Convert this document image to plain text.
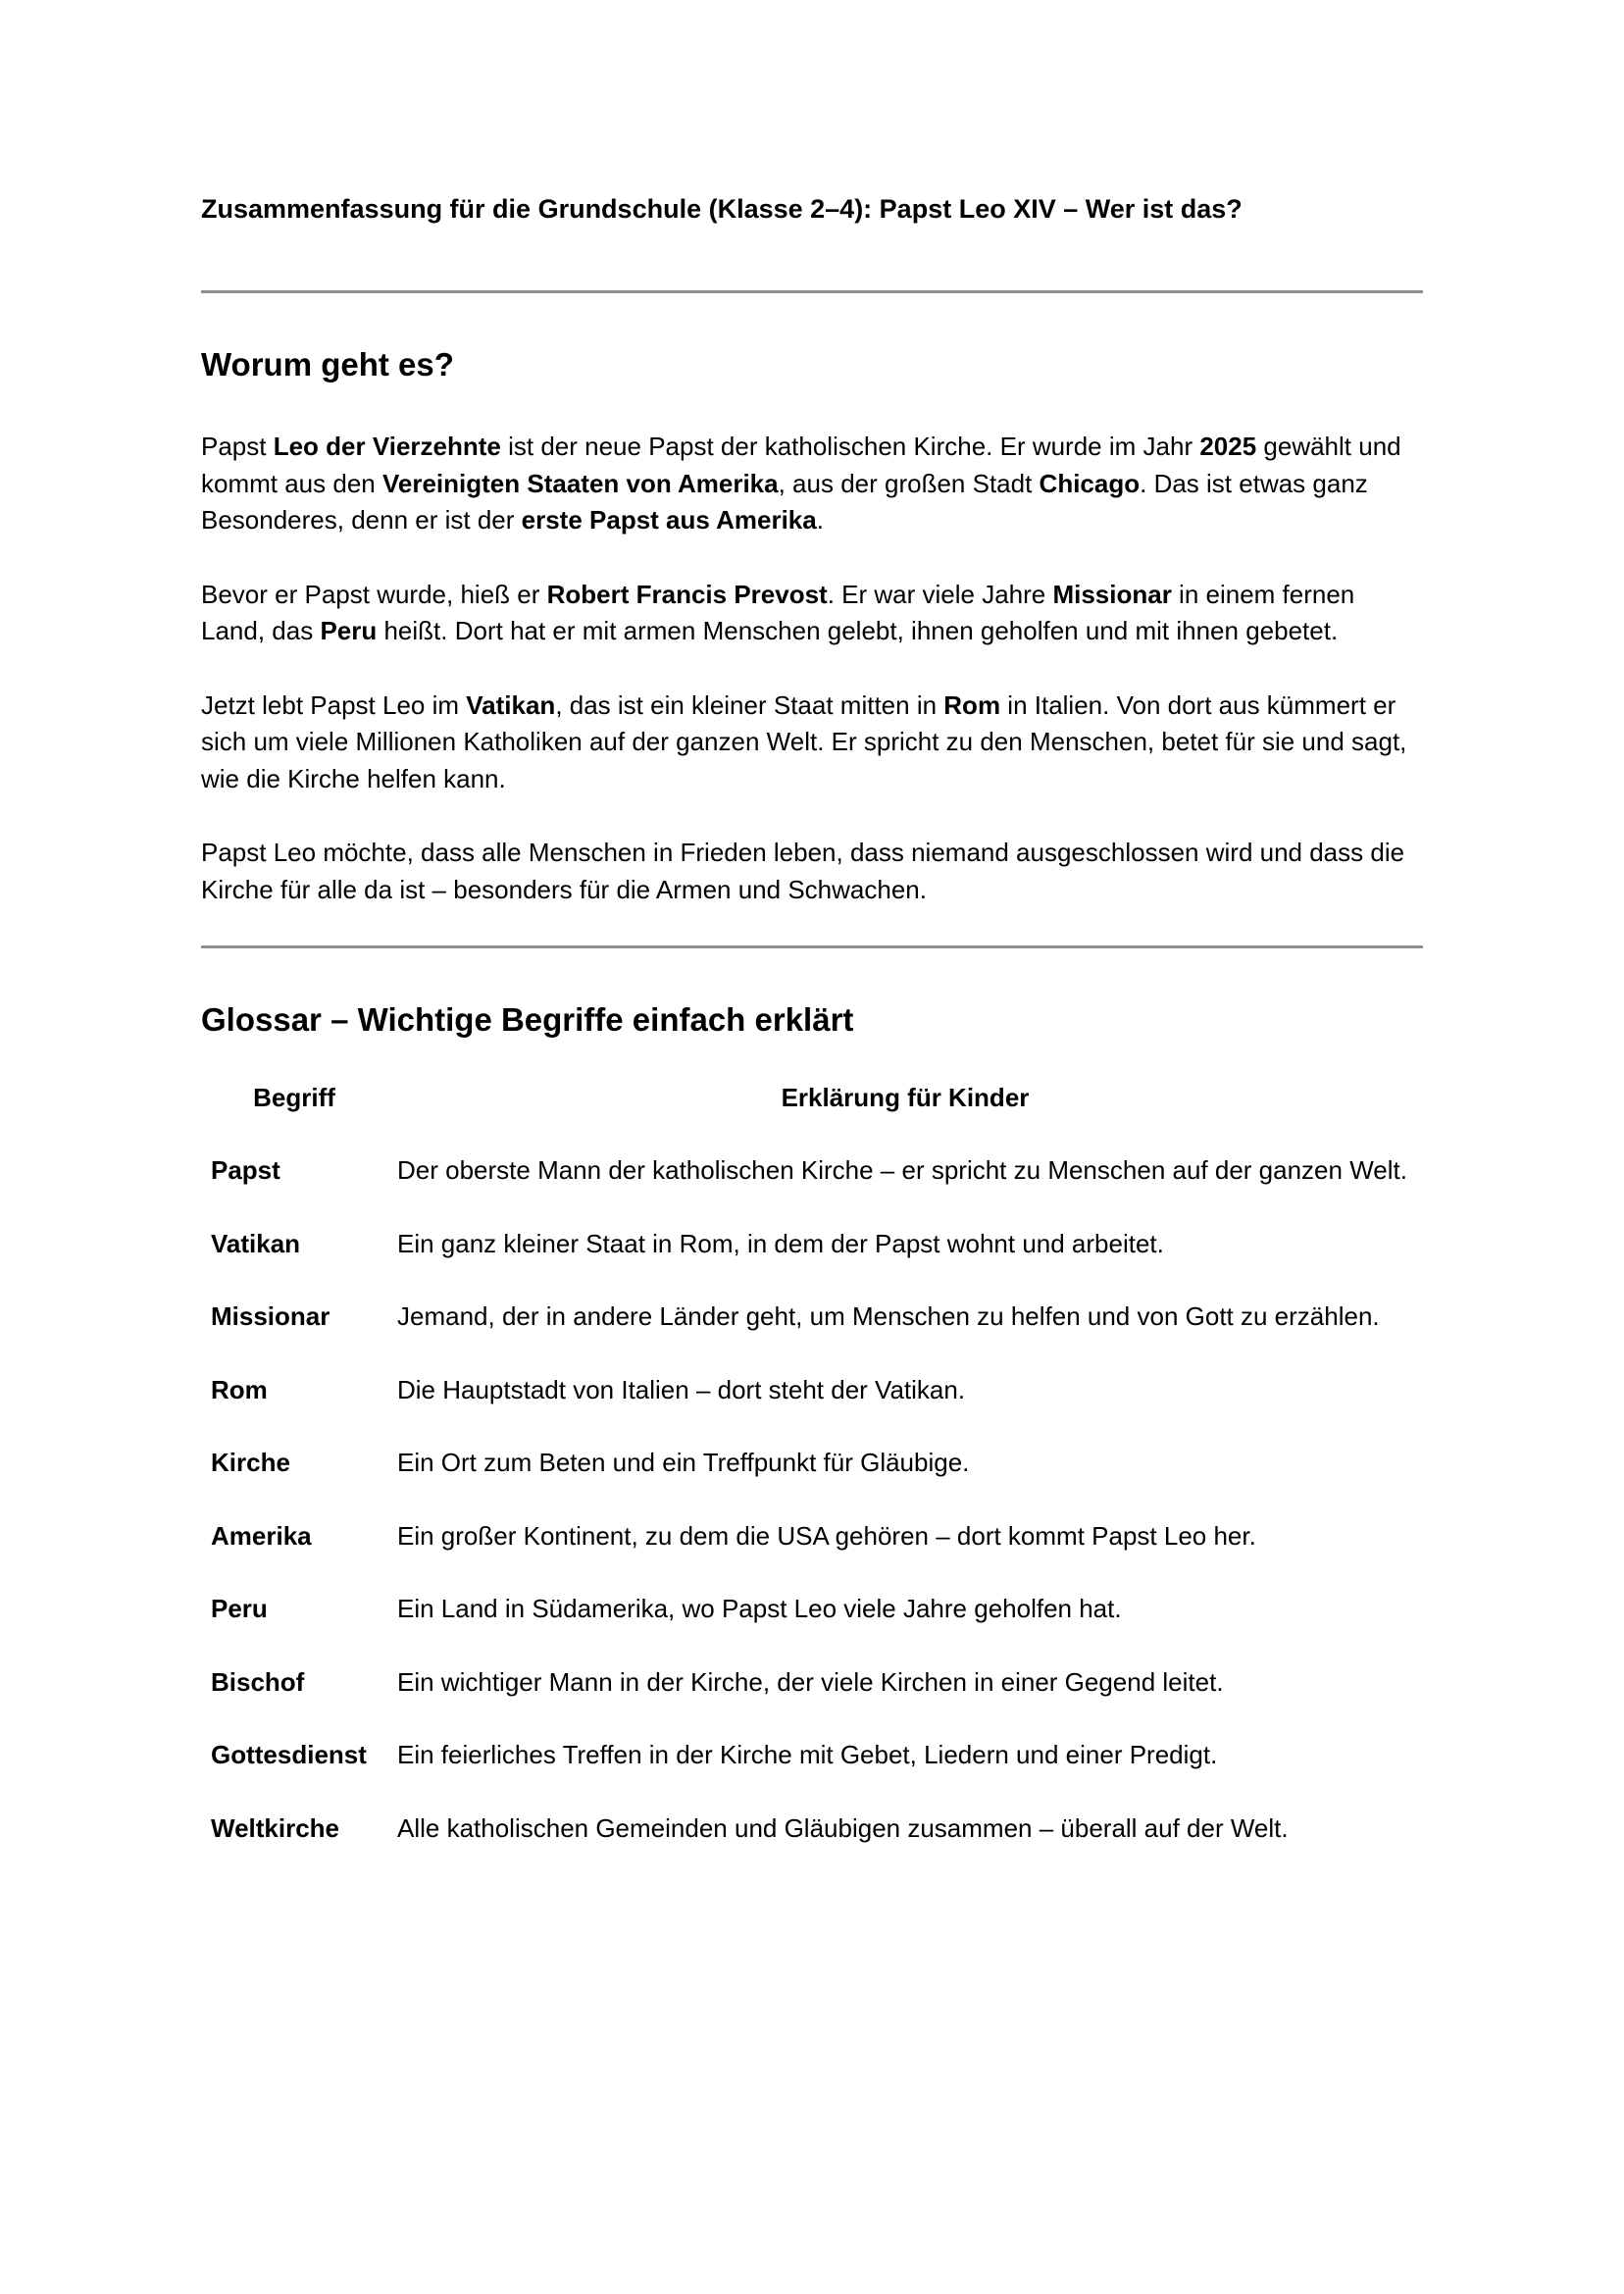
Zusammenfassung für die Grundschule (Klasse 2–4): Papst Leo XIV – Wer ist das?

Worum geht es?

Papst Leo der Vierzehnte ist der neue Papst der katholischen Kirche. Er wurde im Jahr 2025 gewählt und kommt aus den Vereinigten Staaten von Amerika, aus der großen Stadt Chicago. Das ist etwas ganz Besonderes, denn er ist der erste Papst aus Amerika.

Bevor er Papst wurde, hieß er Robert Francis Prevost. Er war viele Jahre Missionar in einem fernen Land, das Peru heißt. Dort hat er mit armen Menschen gelebt, ihnen geholfen und mit ihnen gebetet.

Jetzt lebt Papst Leo im Vatikan, das ist ein kleiner Staat mitten in Rom in Italien. Von dort aus kümmert er sich um viele Millionen Katholiken auf der ganzen Welt. Er spricht zu den Menschen, betet für sie und sagt, wie die Kirche helfen kann.

Papst Leo möchte, dass alle Menschen in Frieden leben, dass niemand ausgeschlossen wird und dass die Kirche für alle da ist – besonders für die Armen und Schwachen.

Glossar – Wichtige Begriffe einfach erklärt
Begriff	Erklärung für Kinder
Papst	Der oberste Mann der katholischen Kirche – er spricht zu Menschen auf der ganzen Welt.
Vatikan	Ein ganz kleiner Staat in Rom, in dem der Papst wohnt und arbeitet.
Missionar	Jemand, der in andere Länder geht, um Menschen zu helfen und von Gott zu erzählen.
Rom	Die Hauptstadt von Italien – dort steht der Vatikan.
Kirche	Ein Ort zum Beten und ein Treffpunkt für Gläubige.
Amerika	Ein großer Kontinent, zu dem die USA gehören – dort kommt Papst Leo her.
Peru	Ein Land in Südamerika, wo Papst Leo viele Jahre geholfen hat.
Bischof	Ein wichtiger Mann in der Kirche, der viele Kirchen in einer Gegend leitet.
Gottesdienst	Ein feierliches Treffen in der Kirche mit Gebet, Liedern und einer Predigt.
Weltkirche	Alle katholischen Gemeinden und Gläubigen zusammen – überall auf der Welt.
